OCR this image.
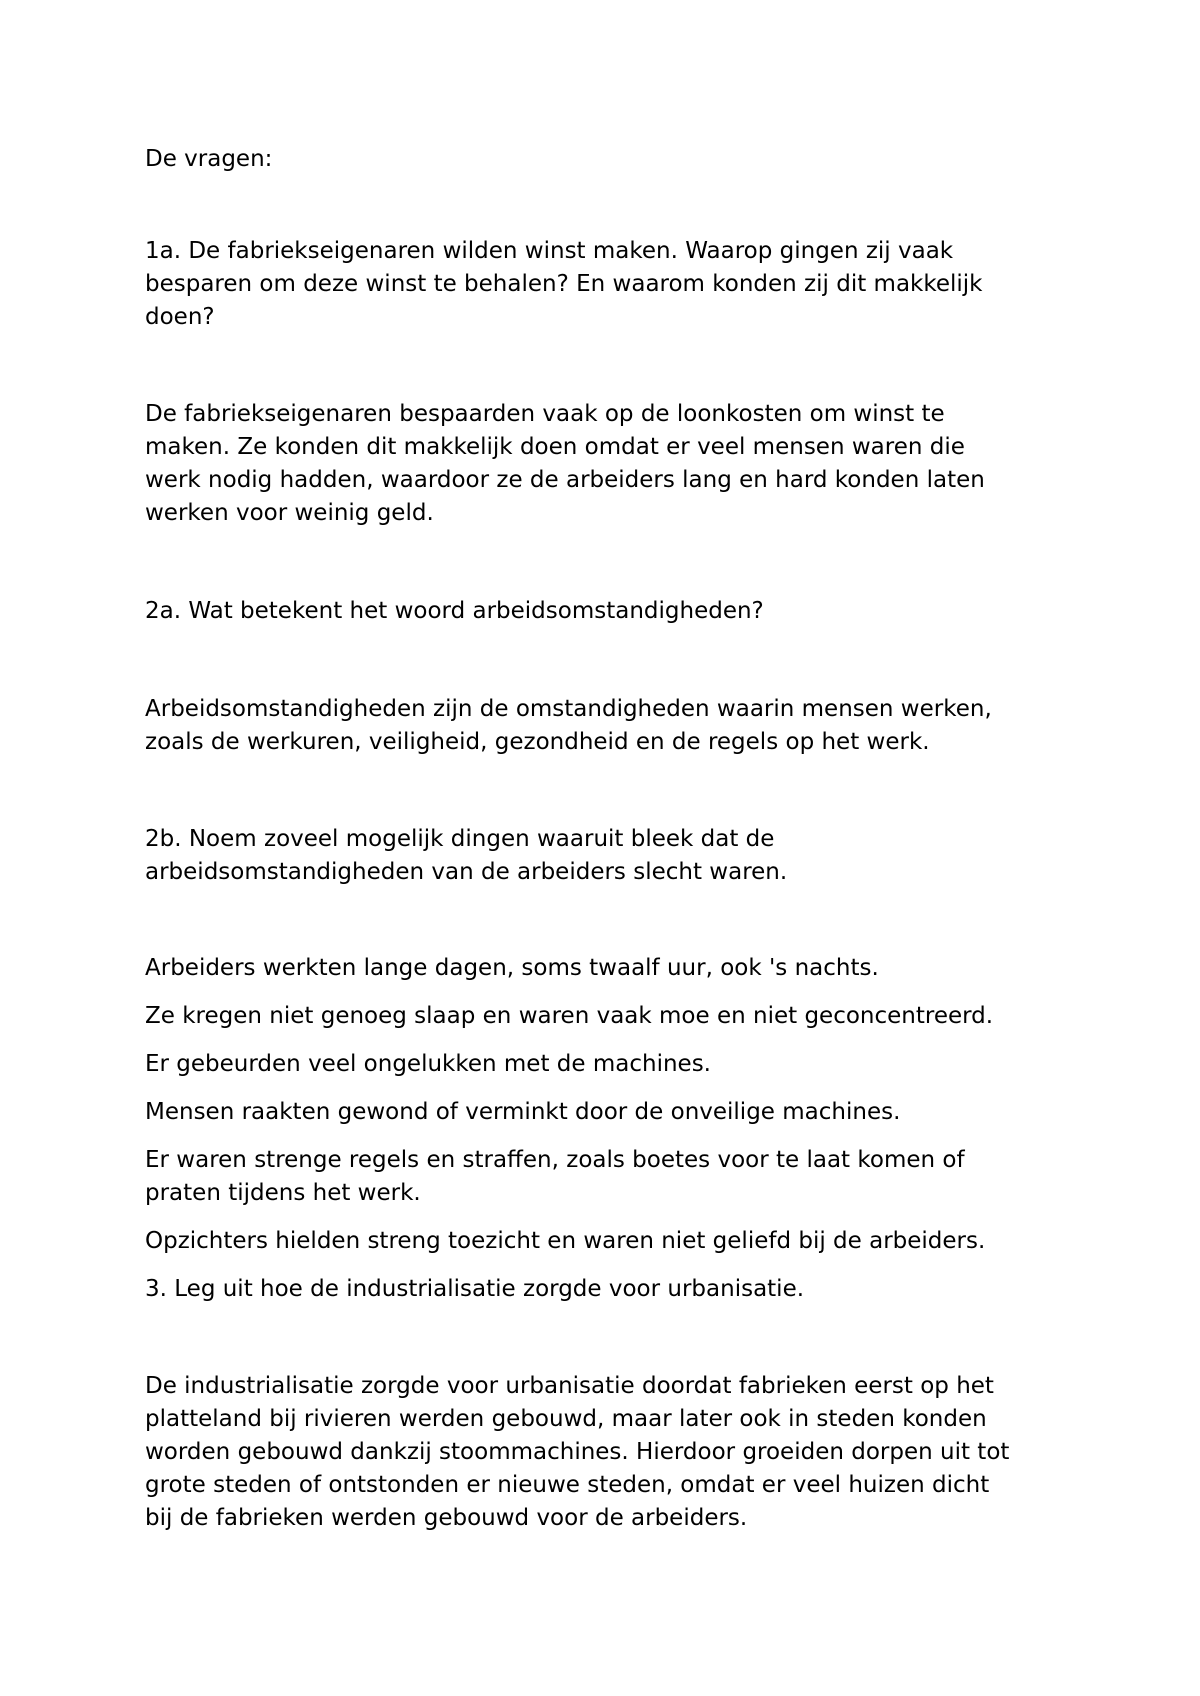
De vragen:

1a. De fabriekseigenaren wilden winst maken. Waarop gingen zij vaak
besparen om deze winst te behalen? En waarom konden zij dit makkelijk
doen?

De fabriekseigenaren bespaarden vaak op de loonkosten om winst te
maken. Ze konden dit makkelijk doen omdat er veel mensen waren die
werk nodig hadden, waardoor ze de arbeiders lang en hard konden laten
werken voor weinig geld.

2a. Wat betekent het woord arbeidsomstandigheden?

Arbeidsomstandigheden zijn de omstandigheden waarin mensen werken,
zoals de werkuren, veiligheid, gezondheid en de regels op het werk.

2b. Noem zoveel mogelijk dingen waaruit bleek dat de
arbeidsomstandigheden van de arbeiders slecht waren.

Arbeiders werkten lange dagen, soms twaalf uur, ook 's nachts.

Ze kregen niet genoeg slaap en waren vaak moe en niet geconcentreerd.

Er gebeurden veel ongelukken met de machines.

Mensen raakten gewond of verminkt door de onveilige machines.

Er waren strenge regels en straffen, zoals boetes voor te laat komen of
praten tijdens het werk.

Opzichters hielden streng toezicht en waren niet geliefd bij de arbeiders.

3. Leg uit hoe de industrialisatie zorgde voor urbanisatie.

De industrialisatie zorgde voor urbanisatie doordat fabrieken eerst op het
platteland bij rivieren werden gebouwd, maar later ook in steden konden
worden gebouwd dankzij stoommachines. Hierdoor groeiden dorpen uit tot
grote steden of ontstonden er nieuwe steden, omdat er veel huizen dicht
bij de fabrieken werden gebouwd voor de arbeiders.
